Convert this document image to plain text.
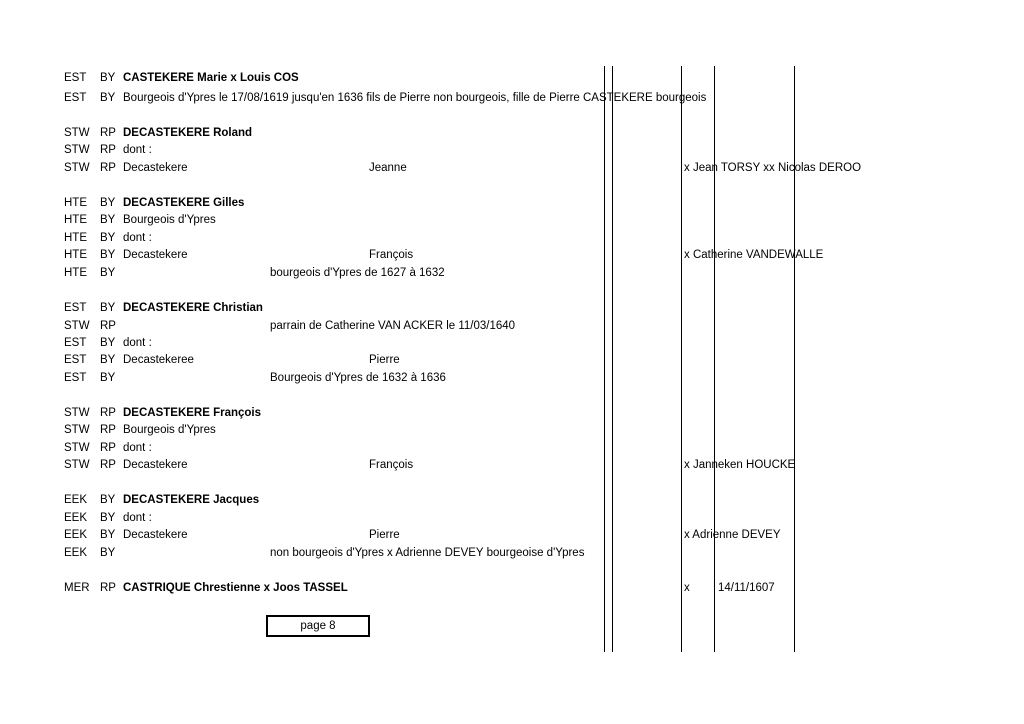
EST BY CASTEKERE Marie x Louis COS
EST BY Bourgeois d'Ypres le 17/08/1619 jusqu'en 1636 fils de Pierre non bourgeois, fille de Pierre CASTEKERE bourgeois
STW RP DECASTEKERE Roland
STW RP dont :
STW RP Decastekere	Jeanne	x Jean TORSY xx Nicolas DEROO
HTE BY DECASTEKERE Gilles
HTE BY Bourgeois d'Ypres
HTE BY dont :
HTE BY Decastekere	François	x Catherine VANDEWALLE
HTE BY	bourgeois d'Ypres de 1627 à 1632
EST BY DECASTEKERE Christian
STW RP	parrain de Catherine VAN ACKER le 11/03/1640
EST BY dont :
EST BY Decastekeree	Pierre
EST BY	Bourgeois d'Ypres de 1632 à 1636
STW RP DECASTEKERE François
STW RP Bourgeois d'Ypres
STW RP dont :
STW RP Decastekere	François	x Janneken HOUCKE
EEK BY DECASTEKERE Jacques
EEK BY dont :
EEK BY Decastekere	Pierre	x Adrienne DEVEY
EEK BY	non bourgeois d'Ypres x Adrienne DEVEY bourgeoise d'Ypres
MER RP CASTRIQUE Chrestienne x Joos TASSEL	x 14/11/1607
page 8
